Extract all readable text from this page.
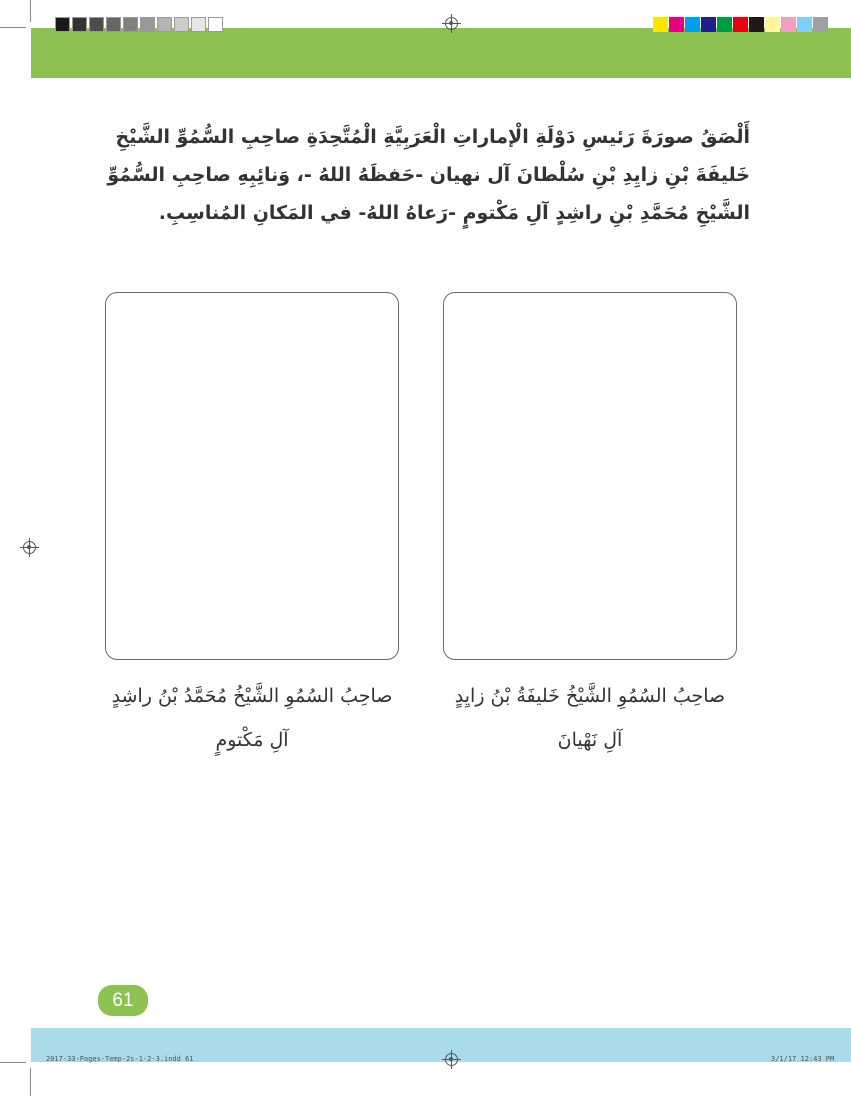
أَلْصَقُ صورَةَ رَئيسِ دَوْلَةِ الْإماراتِ الْعَرَبِيَّةِ الْمُتَّحِدَةِ صاحِبِ السُّمُوِّ الشَّيْخِ خَليفَةَ بْنِ زايِدِ بْنِ سُلْطانَ آل نهيان -حَفظَهُ اللهُ -، وَنائِبِهِ صاحِبِ السُّمُوِّ الشَّيْخِ مُحَمَّدِ بْنِ راشِدٍ آلِ مَكْتومٍ -رَعاهُ اللهُ- في المَكانِ المُناسِبِ.
صاحِبُ السُمُوِ الشَّيْخُ خَليفَةُ بْنُ زايِدٍ
آلِ نَهْيانَ
صاحِبُ السُمُوِ الشَّيْخُ مُحَمَّدُ بْنُ راشِدٍ
آلِ مَكْتومٍ
61
2017-33-Pages-Temp-2s-1-2-3.indd 61	3/1/17 12:43 PM
